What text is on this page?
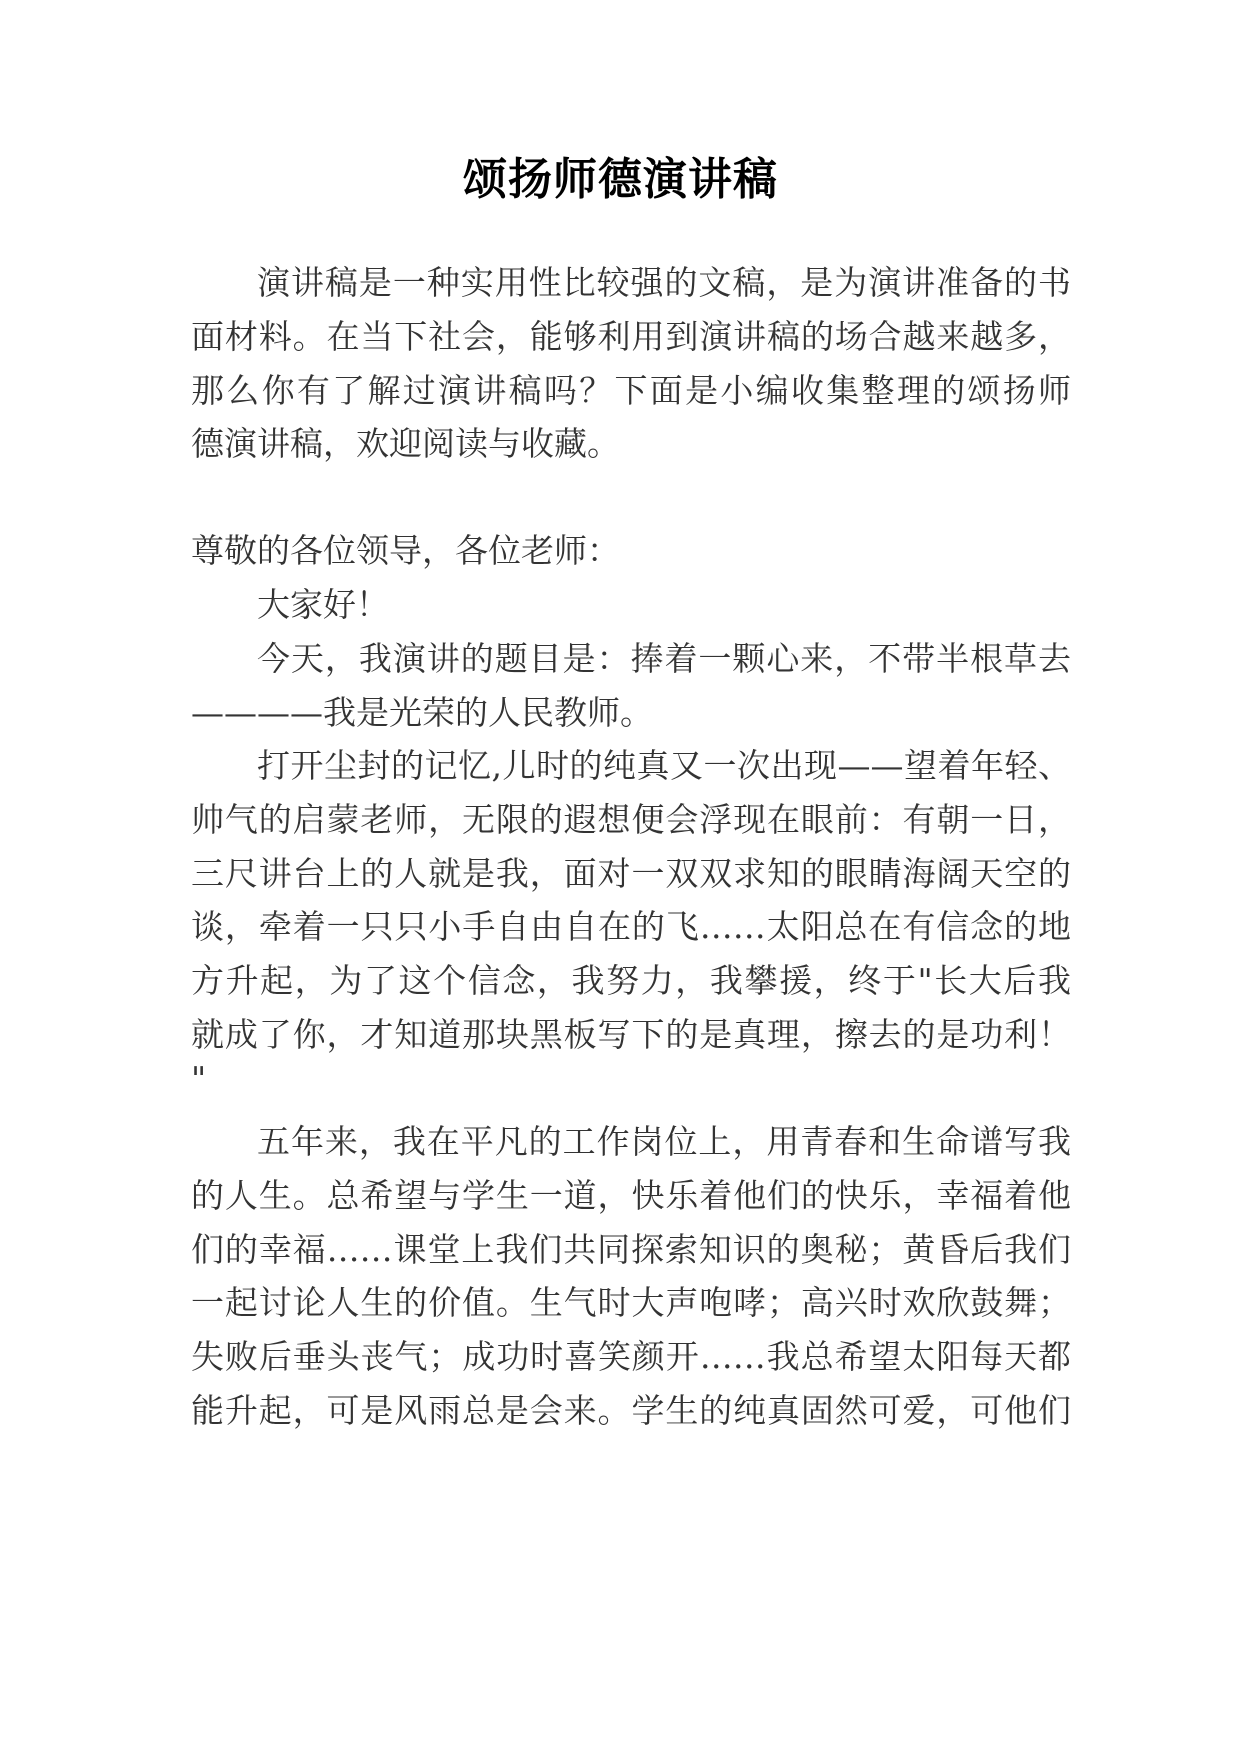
颂扬师德演讲稿
演讲稿是一种实用性比较强的文稿，是为演讲准备的书
面材料。在当下社会，能够利用到演讲稿的场合越来越多，
那么你有了解过演讲稿吗？下面是小编收集整理的颂扬师
德演讲稿，欢迎阅读与收藏。
尊敬的各位领导，各位老师：
大家好！
今天，我演讲的题目是：捧着一颗心来，不带半根草去
————我是光荣的人民教师。
打开尘封的记忆,儿时的纯真又一次出现——望着年轻、
帅气的启蒙老师，无限的遐想便会浮现在眼前：有朝一日，
三尺讲台上的人就是我，面对一双双求知的眼睛海阔天空的
谈，牵着一只只小手自由自在的飞……太阳总在有信念的地
方升起，为了这个信念，我努力，我攀援，终于"长大后我
就成了你，才知道那块黑板写下的是真理，擦去的是功利！
"
五年来，我在平凡的工作岗位上，用青春和生命谱写我
的人生。总希望与学生一道，快乐着他们的快乐，幸福着他
们的幸福……课堂上我们共同探索知识的奥秘；黄昏后我们
一起讨论人生的价值。生气时大声咆哮；高兴时欢欣鼓舞；
失败后垂头丧气；成功时喜笑颜开……我总希望太阳每天都
能升起，可是风雨总是会来。学生的纯真固然可爱，可他们
